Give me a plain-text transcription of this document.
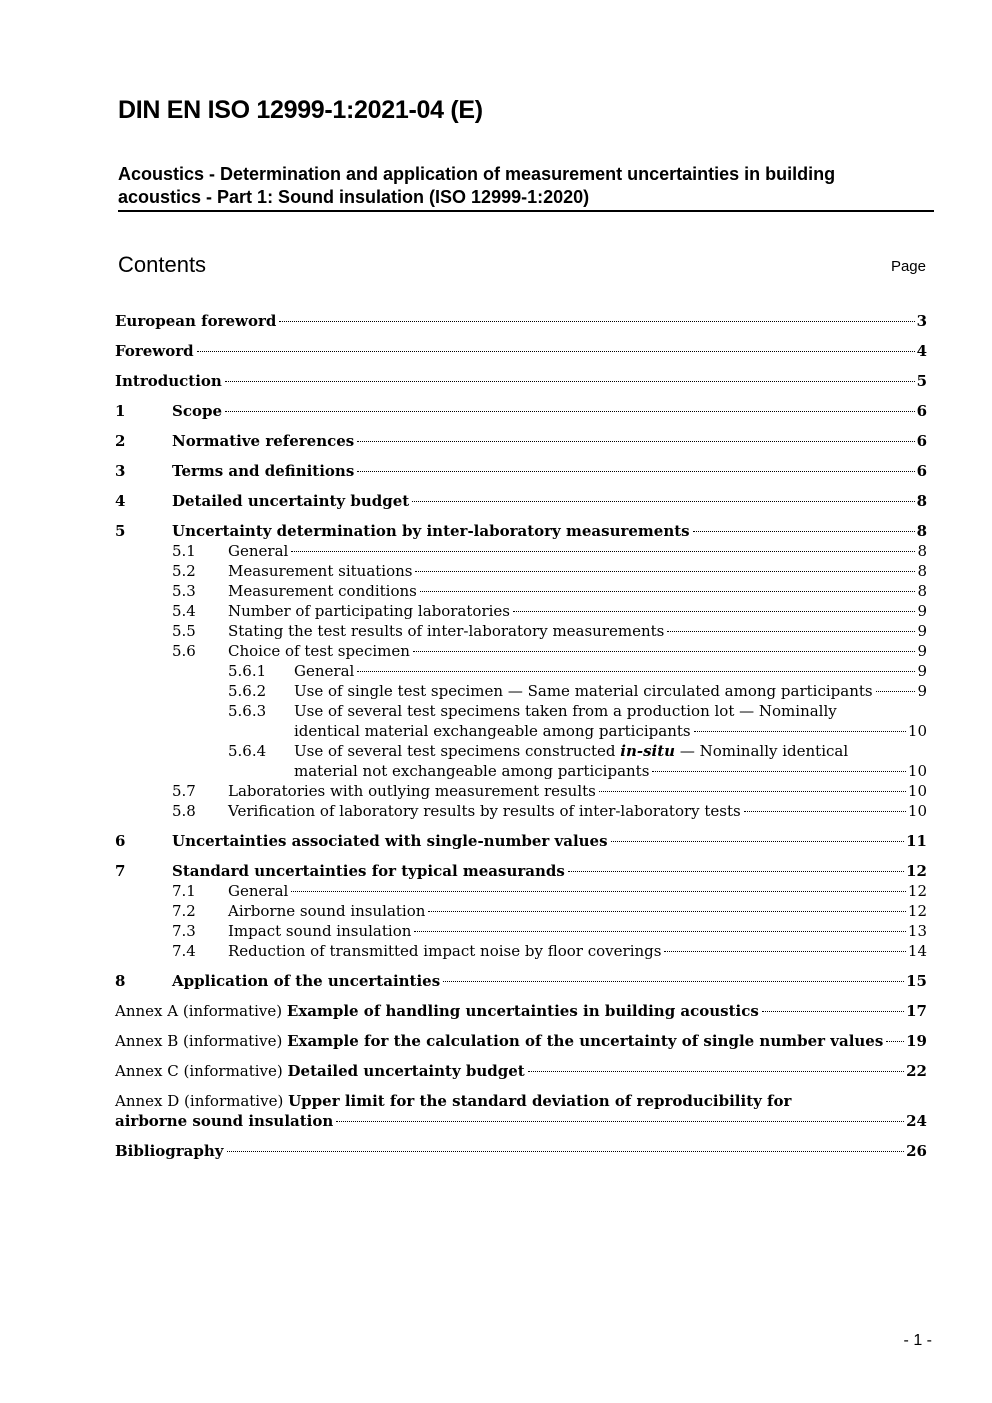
DIN EN ISO 12999-1:2021-04 (E)
Acoustics - Determination and application of measurement uncertainties in building
acoustics - Part 1: Sound insulation (ISO 12999-1:2020)
Contents	Page
European foreword	3
Foreword	4
Introduction	5
1	Scope	6
2	Normative references	6
3	Terms and definitions	6
4	Detailed uncertainty budget	8
5	Uncertainty determination by inter-laboratory measurements	8
5.1 General	8
5.2 Measurement situations	8
5.3 Measurement conditions	8
5.4 Number of participating laboratories	9
5.5 Stating the test results of inter-laboratory measurements	9
5.6 Choice of test specimen	9
5.6.1 General	9
5.6.2 Use of single test specimen — Same material circulated among participants	9
5.6.3 Use of several test specimens taken from a production lot — Nominally
identical material exchangeable among participants	10
5.6.4 Use of several test specimens constructed in-situ — Nominally identical
material not exchangeable among participants	10
5.7 Laboratories with outlying measurement results	10
5.8 Verification of laboratory results by results of inter-laboratory tests	10
6	Uncertainties associated with single-number values	11
7	Standard uncertainties for typical measurands	12
7.1 General	12
7.2 Airborne sound insulation	12
7.3 Impact sound insulation	13
7.4 Reduction of transmitted impact noise by floor coverings	14
8	Application of the uncertainties	15
Annex A (informative) Example of handling uncertainties in building acoustics	17
Annex B (informative) Example for the calculation of the uncertainty of single number values 19
Annex C (informative) Detailed uncertainty budget	22
Annex D (informative) Upper limit for the standard deviation of reproducibility for
airborne sound insulation	24
Bibliography	26
- 1 -
